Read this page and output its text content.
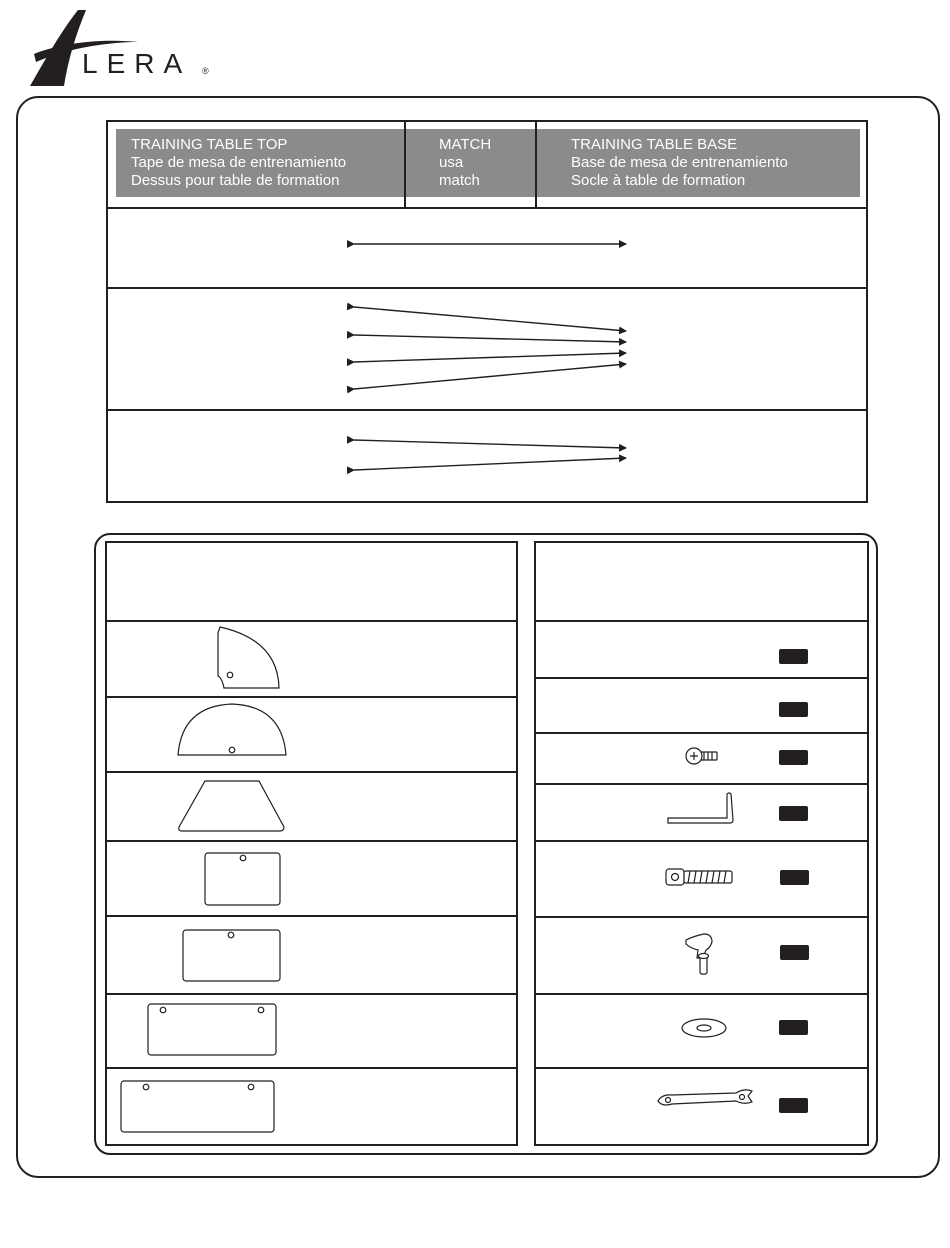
LERA ®
TRAINING TABLE TOP
Tape de mesa de entrenamiento
Dessus pour table de formation
MATCH
usa
match
TRAINING TABLE BASE
Base de mesa de entrenamiento
Socle à table de formation
